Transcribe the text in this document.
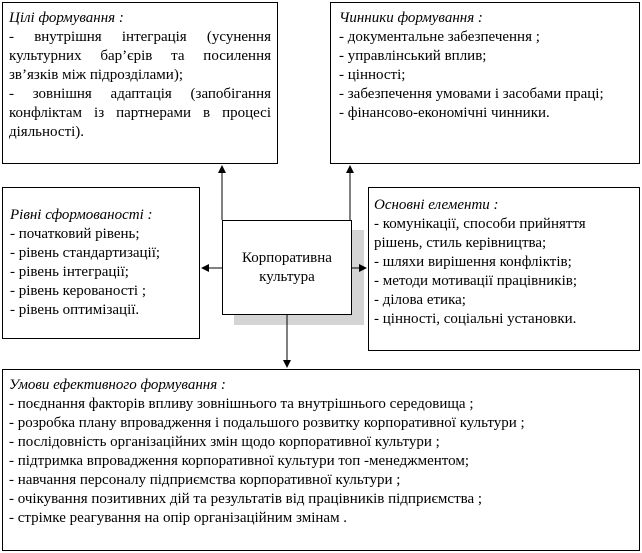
Цілі формування :
- внутрішня інтеграція (усунення культурних бар’єрів та посилення зв’язків між підрозділами);
- зовнішня адаптація (запобігання конфліктам із партнерами в процесі діяльності).
Чинники формування :
- документальне забезпечення ;
- управлінський вплив;
- цінності;
- забезпечення умовами і засобами праці;
- фінансово-економічні чинники.
Рівні сформованості :
- початковий рівень;
- рівень стандартизації;
- рівень інтеграції;
- рівень керованості ;
- рівень оптимізації.
Корпоративна культура
Основні елементи :
- комунікації, способи прийняття рішень, стиль керівництва;
- шляхи вирішення конфліктів;
- методи мотивації працівників;
- ділова етика;
- цінності, соціальні установки.
Умови ефективного формування :
- поєднання факторів впливу зовнішнього та внутрішнього середовища ;
- розробка плану впровадження і подальшого розвитку корпоративної культури ;
- послідовність організаційних змін щодо корпоративної культури ;
- підтримка впровадження корпоративної культури топ -менеджментом;
- навчання персоналу підприємства корпоративної культури ;
- очікування позитивних дій та результатів від працівників підприємства ;
- стрімке реагування на опір організаційним змінам .
